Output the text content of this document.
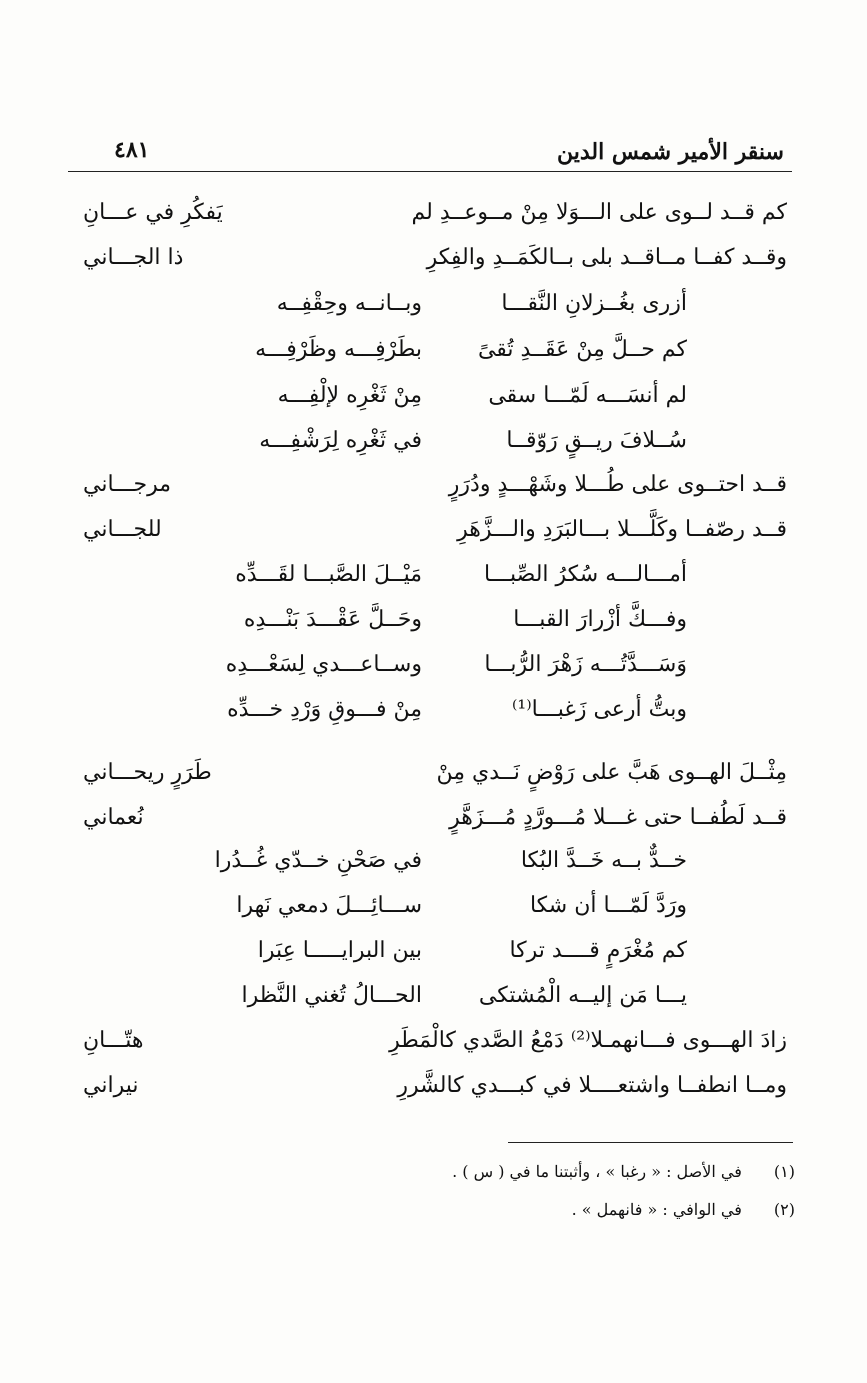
سنقر الأمير شمس الدين
٤٨١
كم قــد لــوى على الـــوَلا مِنْ مــوعــدِ لم
يَفكُرِ في عـــانِ
وقــد كفــا مــاقــد بلى بــالكَمَــدِ والفِكرِ
ذا الجـــاني
أزرى بغُــزلانِ النَّقـــا
وبــانــه وحِقْفِــه
كم حــلَّ مِنْ عَقَــدِ تُقىً
بطَرْفِـــه وظَرْفِـــه
لم أنسَـــه لَمّـــا سقى
مِنْ ثَغْرِه لإلْفِـــه
سُــلافَ ريــقٍ رَوّقــا
في ثَغْرِه لِرَشْفِـــه
قــد احتــوى على طُـــلا وشَهْـــدٍ ودُرَرٍ
مرجـــاني
قــد رصّفــا وكَلَّـــلا بـــالبَرَدِ والـــزَّهَرِ
للجـــاني
أمـــالـــه سُكرُ الصِّبـــا
مَيْــلَ الصَّبـــا لقَـــدِّه
وفـــكَّ أزْرارَ القبـــا
وحَــلَّ عَقْـــدَ بَنْـــدِه
وَسَـــدَّتُـــه زَهْرَ الرُّبـــا
وســاعـــدي لِسَعْـــدِه
وبتُّ أرعى زَغبـــا⁽¹⁾
مِنْ فـــوقِ وَرْدِ خـــدِّه
مِثْــلَ الهــوى هَبَّ على رَوْضٍ نَــدي مِنْ
طَرَرٍ ريحـــاني
قــد لَطُفــا حتى غـــلا مُـــورَّدٍ مُـــزَهَّرٍ
نُعماني
خــدٌّ بــه خَــدَّ البُكا
في صَحْنِ خــدّي غُــدُرا
ورَدَّ لَمّـــا أن شكا
ســـائِـــلَ دمعي نَهرا
كم مُغْرَمٍ قــــد تركا
بين البرايـــــا عِبَرا
يـــا مَن إليــه الْمُشتكى
الحـــالُ تُغني النَّظرا
زادَ الهـــوى فـــانهمـلا⁽²⁾ دَمْعُ الصَّدي كالْمَطَرِ
هتّـــانِ
ومــا انطفــا واشتعــــلا في كبـــدي كالشَّررِ
نيراني
(١) في الأصل : « رغبا » ، وأثبتنا ما في ( س ) .
(٢) في الوافي : « فانهمل » .
